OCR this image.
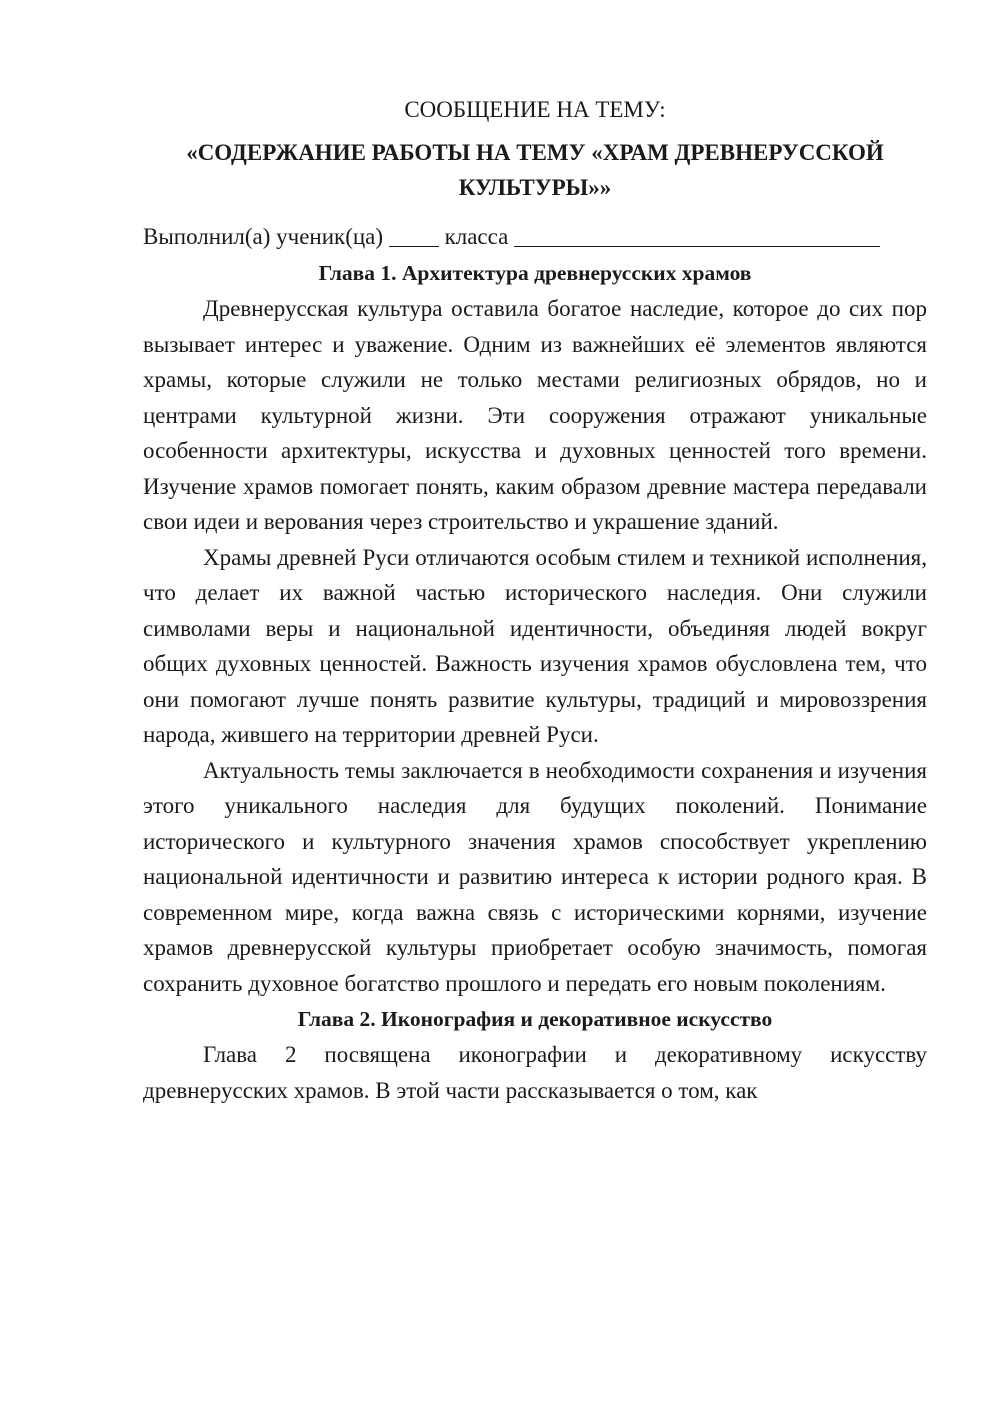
СООБЩЕНИЕ НА ТЕМУ:

«СОДЕРЖАНИЕ РАБОТЫ НА ТЕМУ «ХРАМ ДРЕВНЕРУССКОЙ КУЛЬТУРЫ»»

Выполнил(а) ученик(ца)	класса

Глава 1. Архитектура древнерусских храмов

Древнерусская культура оставила богатое наследие, которое до сих пор вызывает интерес и уважение. Одним из важнейших её элементов являются храмы, которые служили не только местами религиозных обрядов, но и центрами культурной жизни. Эти сооружения отражают уникальные особенности архитектуры, искусства и духовных ценностей того времени. Изучение храмов помогает понять, каким образом древние мастера передавали свои идеи и верования через строительство и украшение зданий.

Храмы древней Руси отличаются особым стилем и техникой исполнения, что делает их важной частью исторического наследия. Они служили символами веры и национальной идентичности, объединяя людей вокруг общих духовных ценностей. Важность изучения храмов обусловлена тем, что они помогают лучше понять развитие культуры, традиций и мировоззрения народа, жившего на территории древней Руси.

Актуальность темы заключается в необходимости сохранения и изучения этого уникального наследия для будущих поколений. Понимание исторического и культурного значения храмов способствует укреплению национальной идентичности и развитию интереса к истории родного края. В современном мире, когда важна связь с историческими корнями, изучение храмов древнерусской культуры приобретает особую значимость, помогая сохранить духовное богатство прошлого и передать его новым поколениям.

Глава 2. Иконография и декоративное искусство

Глава 2 посвящена иконографии и декоративному искусству древнерусских храмов. В этой части рассказывается о том, как
